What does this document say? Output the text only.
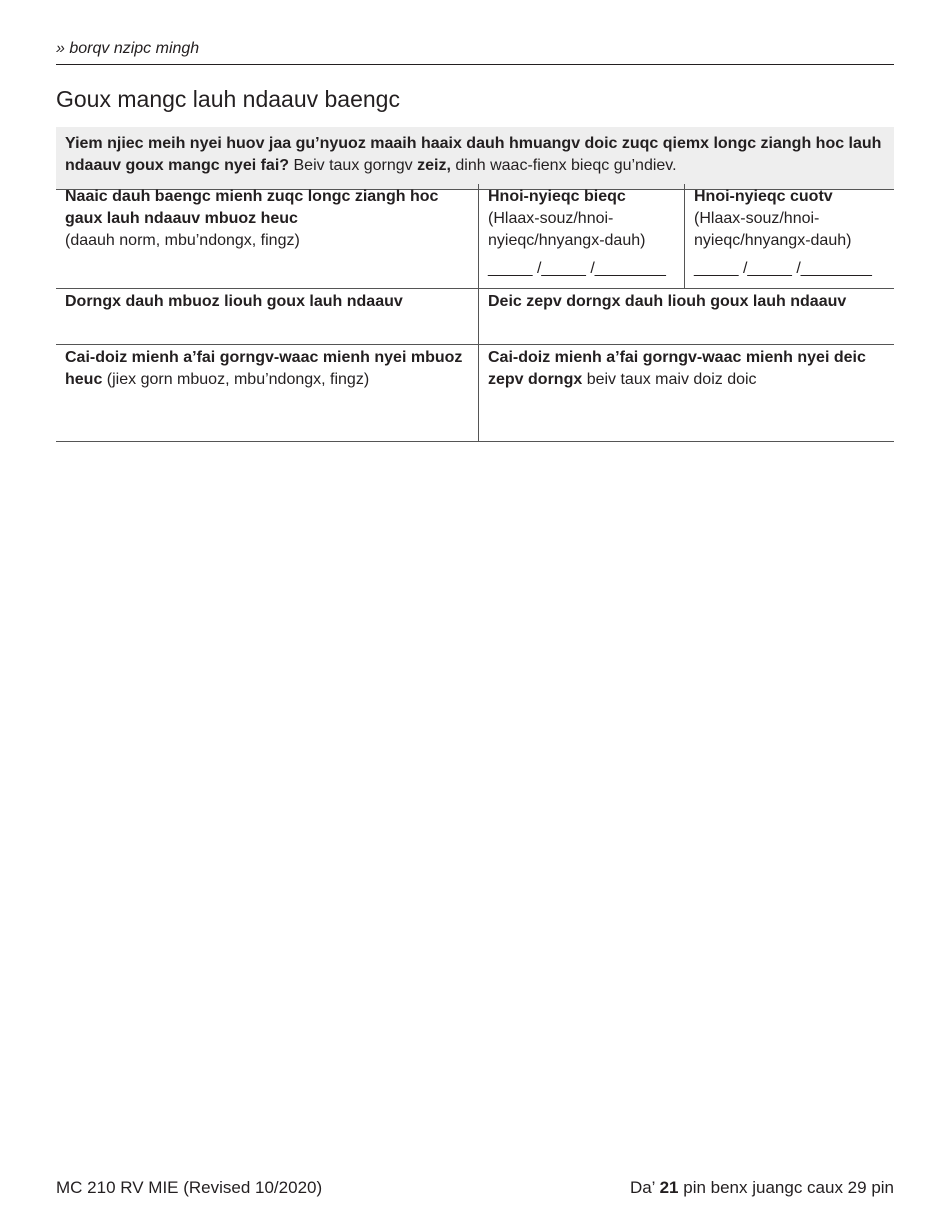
» borqv nzipc mingh
Goux mangc lauh ndaauv baengc
Yiem njiec meih nyei huov jaa gu’nyuoz maaih haaix dauh hmuangv doic zuqc qiemx longc ziangh hoc lauh ndaauv goux mangc nyei fai? Beiv taux gorngv zeiz, dinh waac-fienx bieqc gu’ndiev.
Naaic dauh baengc mienh zuqc longc ziangh hoc gaux lauh ndaauv mbuoz heuc
(daauh norm, mbu’ndongx, fingz)
Hnoi-nyieqc bieqc
(Hlaax-souz/hnoi-nyieqc/hnyangx-dauh)
_____ /_____ /________
Hnoi-nyieqc cuotv
(Hlaax-souz/hnoi-nyieqc/hnyangx-dauh)
_____ /_____ /________
Dorngx dauh mbuoz liouh goux lauh ndaauv	Deic zepv dorngx dauh liouh goux lauh ndaauv
Cai-doiz mienh a’fai gorngv-waac mienh nyei mbuoz heuc (jiex gorn mbuoz, mbu’ndongx, fingz)
Cai-doiz mienh a’fai gorngv-waac mienh nyei deic zepv dorngx beiv taux maiv doiz doic
MC 210 RV MIE (Revised 10/2020)	Da’ 21 pin benx juangc caux 29 pin
